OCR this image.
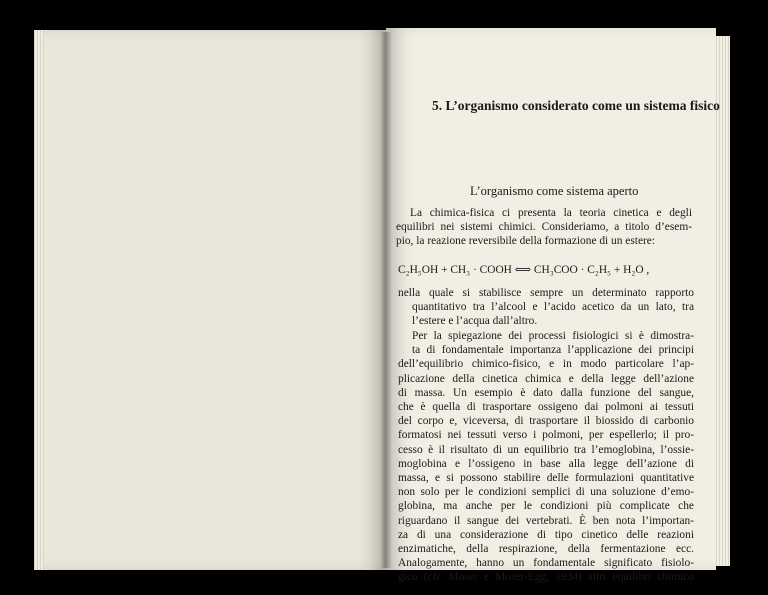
5. L’organismo considerato come un sistema fisico
L’organismo come sistema aperto
La chimica-fisica ci presenta la teoria cinetica e degli
equilibri nei sistemi chimici. Consideriamo, a titolo d’esem-
pio, la reazione reversibile della formazione di un estere:
C₂H₅OH + CH₃ · COOH ⟺ CH₃COO · C₂H₅ + H₂O ,
nella quale si stabilisce sempre un determinato rapporto
quantitativo tra l’alcool e l’acido acetico da un lato, tra
l’estere e l’acqua dall’altro.
Per la spiegazione dei processi fisiologici si è dimostra-
ta di fondamentale importanza l’applicazione dei principi
dell’equilibrio chimico-fisico, e in modo particolare l’ap-
plicazione della cinetica chimica e della legge dell’azione
di massa. Un esempio è dato dalla funzione del sangue,
che è quella di trasportare ossigeno dai polmoni ai tessuti
del corpo e, viceversa, di trasportare il biossido di carbonio
formatosi nei tessuti verso i polmoni, per espellerlo; il pro-
cesso è il risultato di un equilibrio tra l’emoglobina, l’ossie-
moglobina e l’ossigeno in base alla legge dell’azione di
massa, e si possono stabilire delle formulazioni quantitative
non solo per le condizioni semplici di una soluzione d’emo-
globina, ma anche per le condizioni più complicate che
riguardano il sangue dei vertebrati. È ben nota l’importan-
za di una considerazione di tipo cinetico delle reazioni
enzimatiche, della respirazione, della fermentazione ecc.
Analogamente, hanno un fondamentale significato fisiolo-
gico (cfr. Moser e Moser-Egg, 1934) altri equilibri chimico
